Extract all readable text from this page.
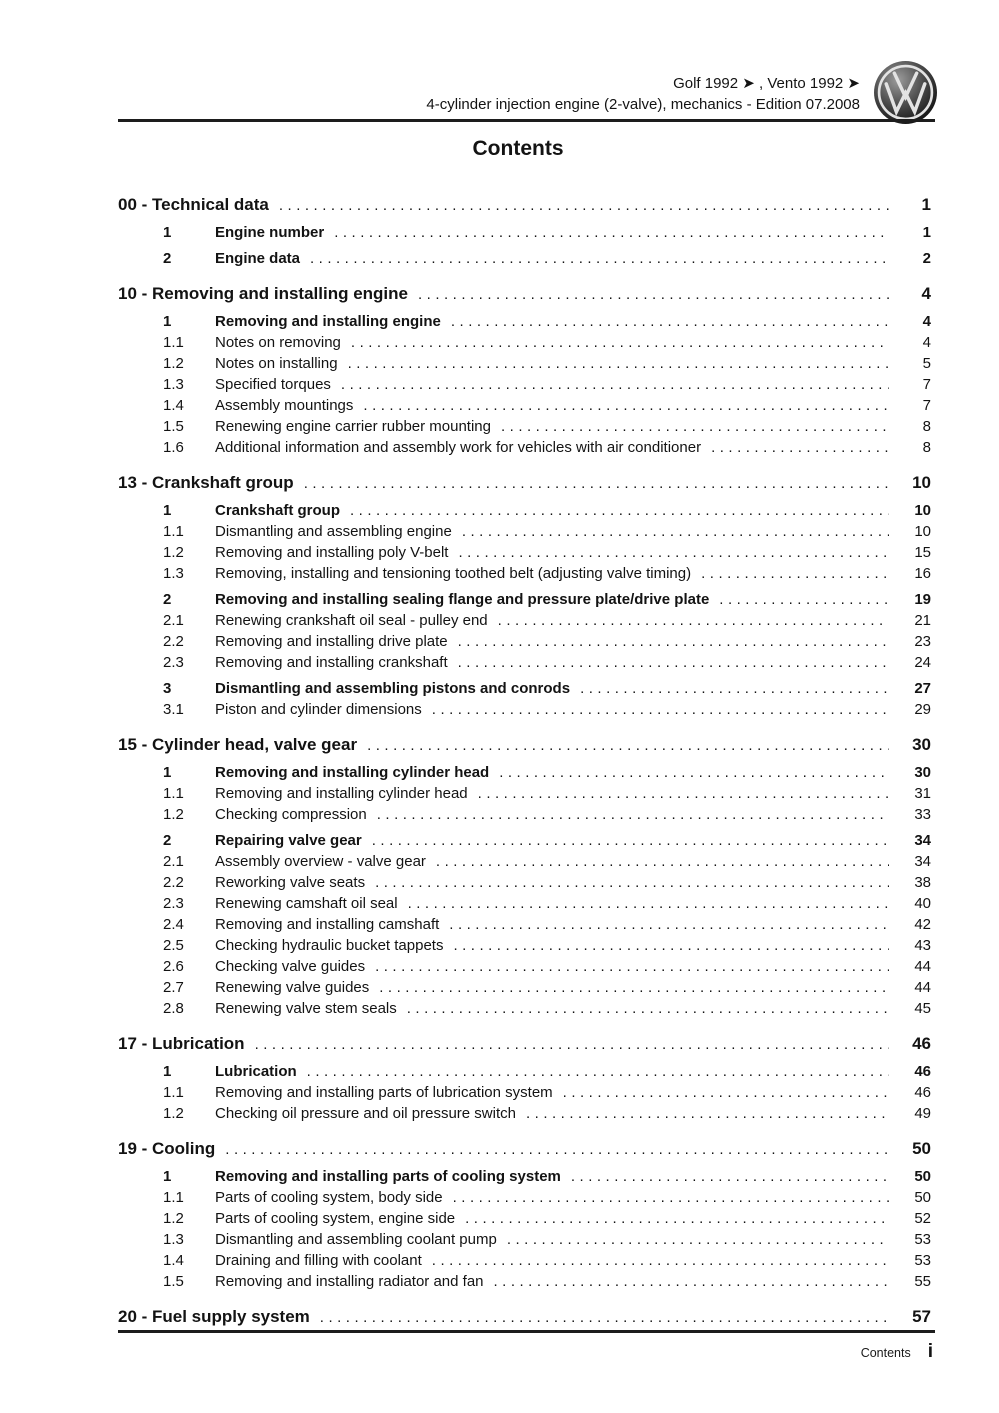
Golf 1992 ➤ , Vento 1992 ➤
4-cylinder injection engine (2-valve), mechanics - Edition 07.2008
Contents
00 - Technical data .....	1
1	Engine number .....	1
2	Engine data .....	2
10 - Removing and installing engine .....	4
1	Removing and installing engine .....	4
1.1	Notes on removing .....	4
1.2	Notes on installing .....	5
1.3	Specified torques .....	7
1.4	Assembly mountings .....	7
1.5	Renewing engine carrier rubber mounting .....	8
1.6	Additional information and assembly work for vehicles with air conditioner .....	8
13 - Crankshaft group .....	10
1	Crankshaft group .....	10
1.1	Dismantling and assembling engine .....	10
1.2	Removing and installing poly V-belt .....	15
1.3	Removing, installing and tensioning toothed belt (adjusting valve timing) .....	16
2	Removing and installing sealing flange and pressure plate/drive plate .....	19
2.1	Renewing crankshaft oil seal - pulley end .....	21
2.2	Removing and installing drive plate .....	23
2.3	Removing and installing crankshaft .....	24
3	Dismantling and assembling pistons and conrods .....	27
3.1	Piston and cylinder dimensions .....	29
15 - Cylinder head, valve gear .....	30
1	Removing and installing cylinder head .....	30
1.1	Removing and installing cylinder head .....	31
1.2	Checking compression .....	33
2	Repairing valve gear .....	34
2.1	Assembly overview - valve gear .....	34
2.2	Reworking valve seats .....	38
2.3	Renewing camshaft oil seal .....	40
2.4	Removing and installing camshaft .....	42
2.5	Checking hydraulic bucket tappets .....	43
2.6	Checking valve guides .....	44
2.7	Renewing valve guides .....	44
2.8	Renewing valve stem seals .....	45
17 - Lubrication .....	46
1	Lubrication .....	46
1.1	Removing and installing parts of lubrication system .....	46
1.2	Checking oil pressure and oil pressure switch .....	49
19 - Cooling .....	50
1	Removing and installing parts of cooling system .....	50
1.1	Parts of cooling system, body side .....	50
1.2	Parts of cooling system, engine side .....	52
1.3	Dismantling and assembling coolant pump .....	53
1.4	Draining and filling with coolant .....	53
1.5	Removing and installing radiator and fan .....	55
20 - Fuel supply system .....	57
Contents i
